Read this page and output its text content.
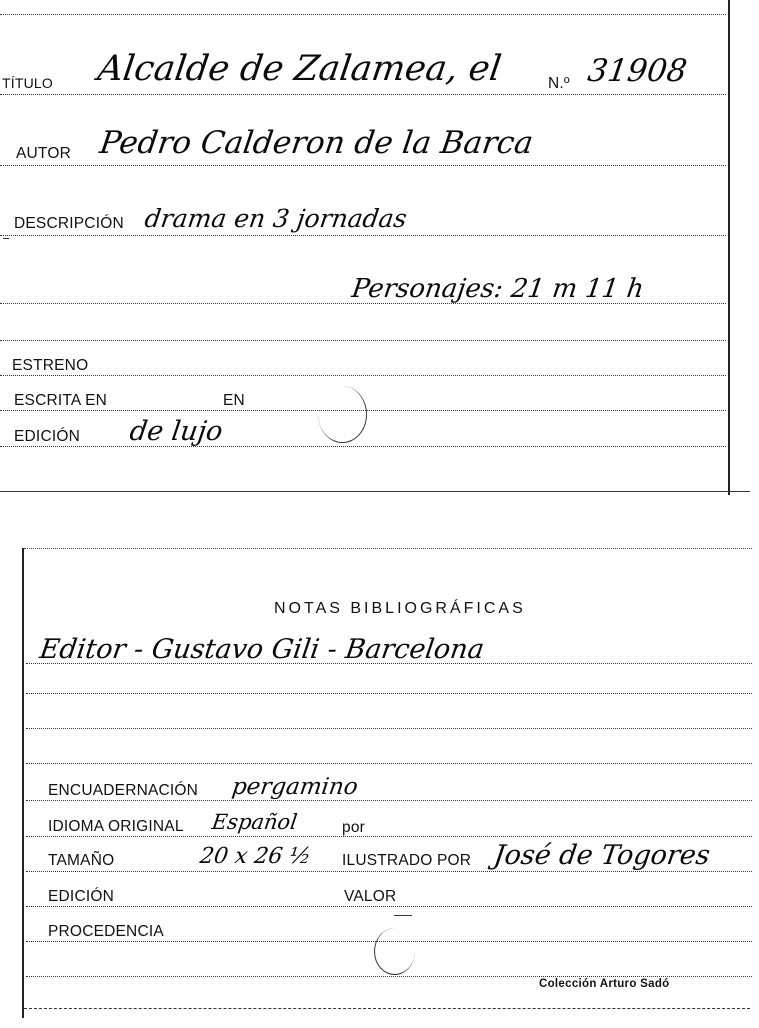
TÍTULO Alcalde de Zalamea, el	N.º 31908
AUTOR Pedro Calderon de la Barca
DESCRIPCIÓN drama en 3 jornadas
Personajes: 21 m 11 h
ESTRENO
ESCRITA EN	EN
EDICIÓN de lujo
NOTAS BIBLIOGRÁFICAS
Editor - Gustavo Gili - Barcelona
ENCUADERNACIÓN pergamino
IDIOMA ORIGINAL Español	por
TAMAÑO	20 x 26 ½ ILUSTRADO POR José de Togores
EDICIÓN	VALOR
PROCEDENCIA
Colección Arturo Sadó
